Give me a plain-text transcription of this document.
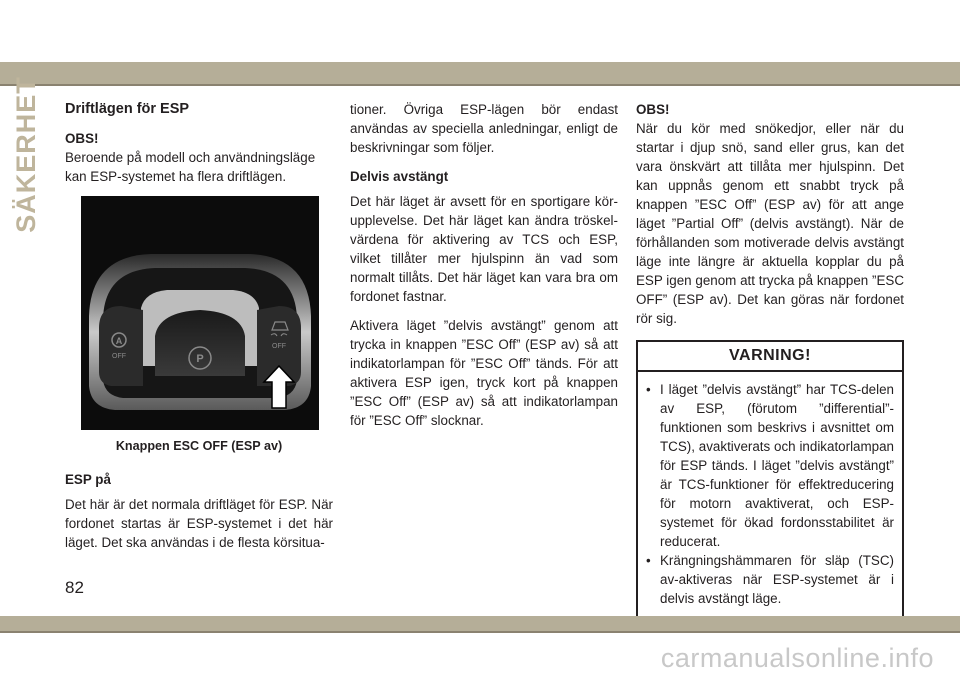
SÄKERHET Driftlägen för ESP
OBS!

Beroende på modell och användningsläge kan ESP-systemet ha flera driftlägen.

P
A
OFF
OFF
Knappen ESC OFF (ESP av)
ESP på

Det här är det normala driftläget för ESP. När fordonet startas är ESP-systemet i det här läget. Det ska användas i de flesta körsitua-

tioner. Övriga ESP-lägen bör endast användas av speciella anledningar, enligt de beskrivningar som följer.

Delvis avstängt

Det här läget är avsett för en sportigare kör-upplevelse. Det här läget kan ändra tröskel-värdena för aktivering av TCS och ESP, vilket tillåter mer hjulspinn än vad som normalt tillåts. Det här läget kan vara bra om fordonet fastnar.

Aktivera läget ”delvis avstängt” genom att trycka in knappen ”ESC Off” (ESP av) så att indikatorlampan för ”ESC Off” tänds. För att aktivera ESP igen, tryck kort på knappen ”ESC Off” (ESP av) så att indikatorlampan för ”ESC Off” slocknar.

OBS!

När du kör med snökedjor, eller när du startar i djup snö, sand eller grus, kan det vara önskvärt att tillåta mer hjulspinn. Det kan uppnås genom ett snabbt tryck på knappen ”ESC Off” (ESP av) för att ange läget ”Partial Off” (delvis avstängt). När de förhållanden som motiverade delvis avstängt läge inte längre är aktuella kopplar du på ESP igen genom att trycka på knappen ”ESC OFF” (ESP av). Det kan göras när fordonet rör sig.

VARNING!
• I läget ”delvis avstängt” har TCS-delen av ESP, (förutom ”differential”-funktionen som beskrivs i avsnittet om TCS), avaktiverats och indikatorlampan för ESP tänds. I läget ”delvis avstängt” är TCS-funktioner för effektreducering för motorn avaktiverat, och ESP-systemet för ökad fordonsstabilitet är reducerat.
• Krängningshämmaren för släp (TSC) av-aktiveras när ESP-systemet är i delvis avstängt läge.
82
carmanualsonline.info
